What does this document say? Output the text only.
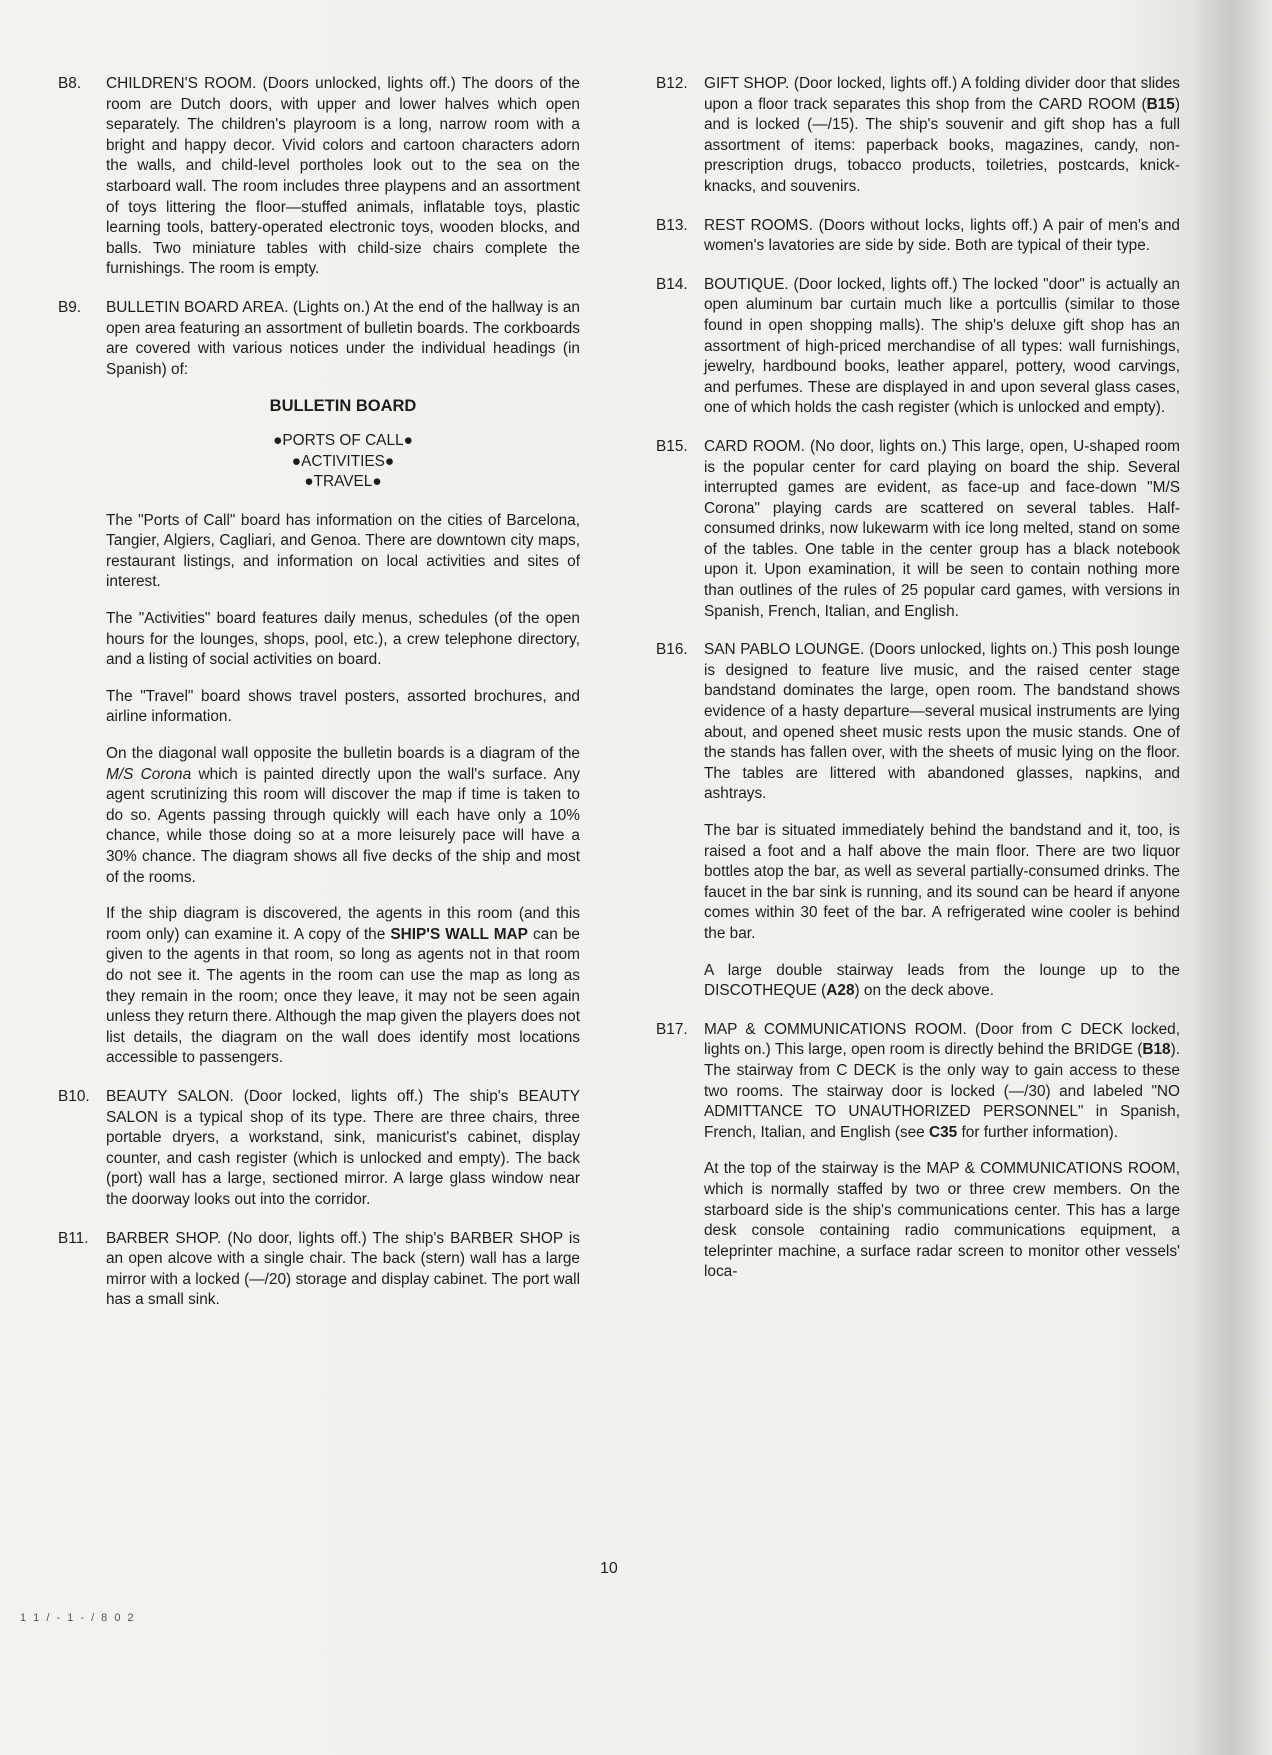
B8.	CHILDREN'S ROOM. (Doors unlocked, lights off.) The doors of the room are Dutch doors, with upper and lower halves which open separately. The children's playroom is a long, narrow room with a bright and happy decor. Vivid colors and cartoon characters adorn the walls, and child-level portholes look out to the sea on the starboard wall. The room includes three playpens and an assortment of toys littering the floor—stuffed animals, inflatable toys, plastic learning tools, battery-operated electronic toys, wooden blocks, and balls. Two miniature tables with child-size chairs complete the furnishings. The room is empty.

B9.	BULLETIN BOARD AREA. (Lights on.) At the end of the hallway is an open area featuring an assortment of bulletin boards. The corkboards are covered with various notices under the individual headings (in Spanish) of:

BULLETIN BOARD
●PORTS OF CALL●
●ACTIVITIES●
●TRAVEL●

The "Ports of Call" board has information on the cities of Barcelona, Tangier, Algiers, Cagliari, and Genoa. There are downtown city maps, restaurant listings, and information on local activities and sites of interest.

The "Activities" board features daily menus, schedules (of the open hours for the lounges, shops, pool, etc.), a crew telephone directory, and a listing of social activities on board.

The "Travel" board shows travel posters, assorted brochures, and airline information.

On the diagonal wall opposite the bulletin boards is a diagram of the M/S Corona which is painted directly upon the wall's surface. Any agent scrutinizing this room will discover the map if time is taken to do so. Agents passing through quickly will each have only a 10% chance, while those doing so at a more leisurely pace will have a 30% chance. The diagram shows all five decks of the ship and most of the rooms.

If the ship diagram is discovered, the agents in this room (and this room only) can examine it. A copy of the SHIP'S WALL MAP can be given to the agents in that room, so long as agents not in that room do not see it. The agents in the room can use the map as long as they remain in the room; once they leave, it may not be seen again unless they return there. Although the map given the players does not list details, the diagram on the wall does identify most locations accessible to passengers.

B10.	BEAUTY SALON. (Door locked, lights off.) The ship's BEAUTY SALON is a typical shop of its type. There are three chairs, three portable dryers, a workstand, sink, manicurist's cabinet, display counter, and cash register (which is unlocked and empty). The back (port) wall has a large, sectioned mirror. A large glass window near the doorway looks out into the corridor.

B11.	BARBER SHOP. (No door, lights off.) The ship's BARBER SHOP is an open alcove with a single chair. The back (stern) wall has a large mirror with a locked (—/20) storage and display cabinet. The port wall has a small sink.

B12.	GIFT SHOP. (Door locked, lights off.) A folding divider door that slides upon a floor track separates this shop from the CARD ROOM (B15) and is locked (—/15). The ship's souvenir and gift shop has a full assortment of items: paperback books, magazines, candy, non-prescription drugs, tobacco products, toiletries, postcards, knick-knacks, and souvenirs.

B13.	REST ROOMS. (Doors without locks, lights off.) A pair of men's and women's lavatories are side by side. Both are typical of their type.

B14.	BOUTIQUE. (Door locked, lights off.) The locked "door" is actually an open aluminum bar curtain much like a portcullis (similar to those found in open shopping malls). The ship's deluxe gift shop has an assortment of high-priced merchandise of all types: wall furnishings, jewelry, hardbound books, leather apparel, pottery, wood carvings, and perfumes. These are displayed in and upon several glass cases, one of which holds the cash register (which is unlocked and empty).

B15.	CARD ROOM. (No door, lights on.) This large, open, U-shaped room is the popular center for card playing on board the ship. Several interrupted games are evident, as face-up and face-down "M/S Corona" playing cards are scattered on several tables. Half-consumed drinks, now lukewarm with ice long melted, stand on some of the tables. One table in the center group has a black notebook upon it. Upon examination, it will be seen to contain nothing more than outlines of the rules of 25 popular card games, with versions in Spanish, French, Italian, and English.

B16.	SAN PABLO LOUNGE. (Doors unlocked, lights on.) This posh lounge is designed to feature live music, and the raised center stage bandstand dominates the large, open room. The bandstand shows evidence of a hasty departure—several musical instruments are lying about, and opened sheet music rests upon the music stands. One of the stands has fallen over, with the sheets of music lying on the floor. The tables are littered with abandoned glasses, napkins, and ashtrays.

The bar is situated immediately behind the bandstand and it, too, is raised a foot and a half above the main floor. There are two liquor bottles atop the bar, as well as several partially-consumed drinks. The faucet in the bar sink is running, and its sound can be heard if anyone comes within 30 feet of the bar. A refrigerated wine cooler is behind the bar.

A large double stairway leads from the lounge up to the DISCOTHEQUE (A28) on the deck above.

B17.	MAP & COMMUNICATIONS ROOM. (Door from C DECK locked, lights on.) This large, open room is directly behind the BRIDGE (B18). The stairway from C DECK is the only way to gain access to these two rooms. The stairway door is locked (—/30) and labeled "NO ADMITTANCE TO UNAUTHORIZED PERSONNEL" in Spanish, French, Italian, and English (see C35 for further information).

At the top of the stairway is the MAP & COMMUNICATIONS ROOM, which is normally staffed by two or three crew members. On the starboard side is the ship's communications center. This has a large desk console containing radio communications equipment, a teleprinter machine, a surface radar screen to monitor other vessels' loca-

10
1 1 / - 1 - / 8 0 2
